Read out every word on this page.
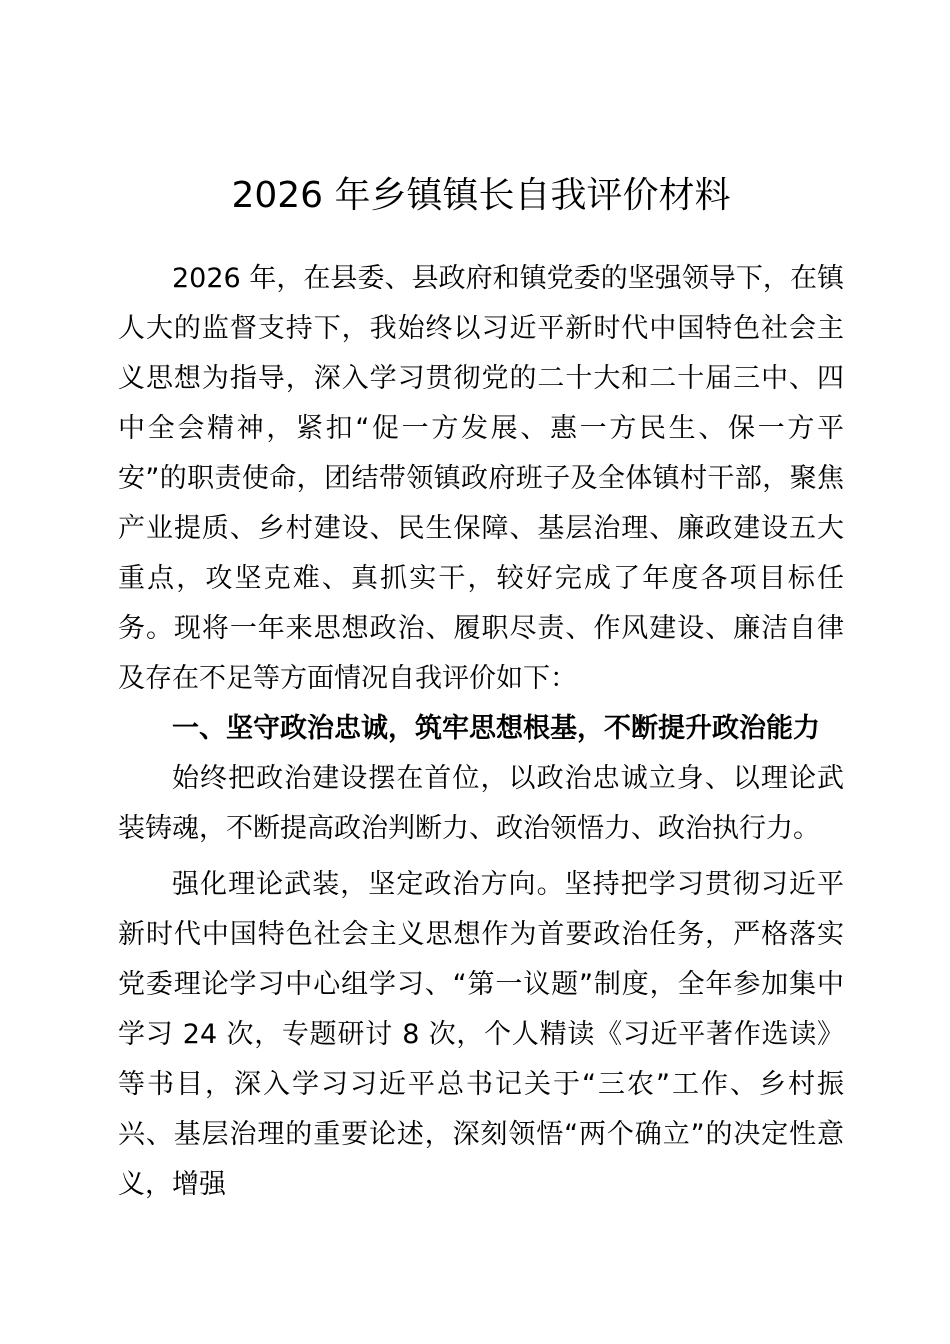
2026 年乡镇镇长自我评价材料

2026 年，在县委、县政府和镇党委的坚强领导下，在镇人大的监督支持下，我始终以习近平新时代中国特色社会主义思想为指导，深入学习贯彻党的二十大和二十届三中、四中全会精神，紧扣“促一方发展、惠一方民生、保一方平安”的职责使命，团结带领镇政府班子及全体镇村干部，聚焦产业提质、乡村建设、民生保障、基层治理、廉政建设五大重点，攻坚克难、真抓实干，较好完成了年度各项目标任务。现将一年来思想政治、履职尽责、作风建设、廉洁自律及存在不足等方面情况自我评价如下：

一、坚守政治忠诚，筑牢思想根基，不断提升政治能力

始终把政治建设摆在首位，以政治忠诚立身、以理论武装铸魂，不断提高政治判断力、政治领悟力、政治执行力。

强化理论武装，坚定政治方向。坚持把学习贯彻习近平新时代中国特色社会主义思想作为首要政治任务，严格落实党委理论学习中心组学习、“第一议题”制度，全年参加集中学习 24 次，专题研讨 8 次，个人精读《习近平著作选读》等书目，深入学习习近平总书记关于“三农”工作、乡村振兴、基层治理的重要论述，深刻领悟“两个确立”的决定性意义，增强
